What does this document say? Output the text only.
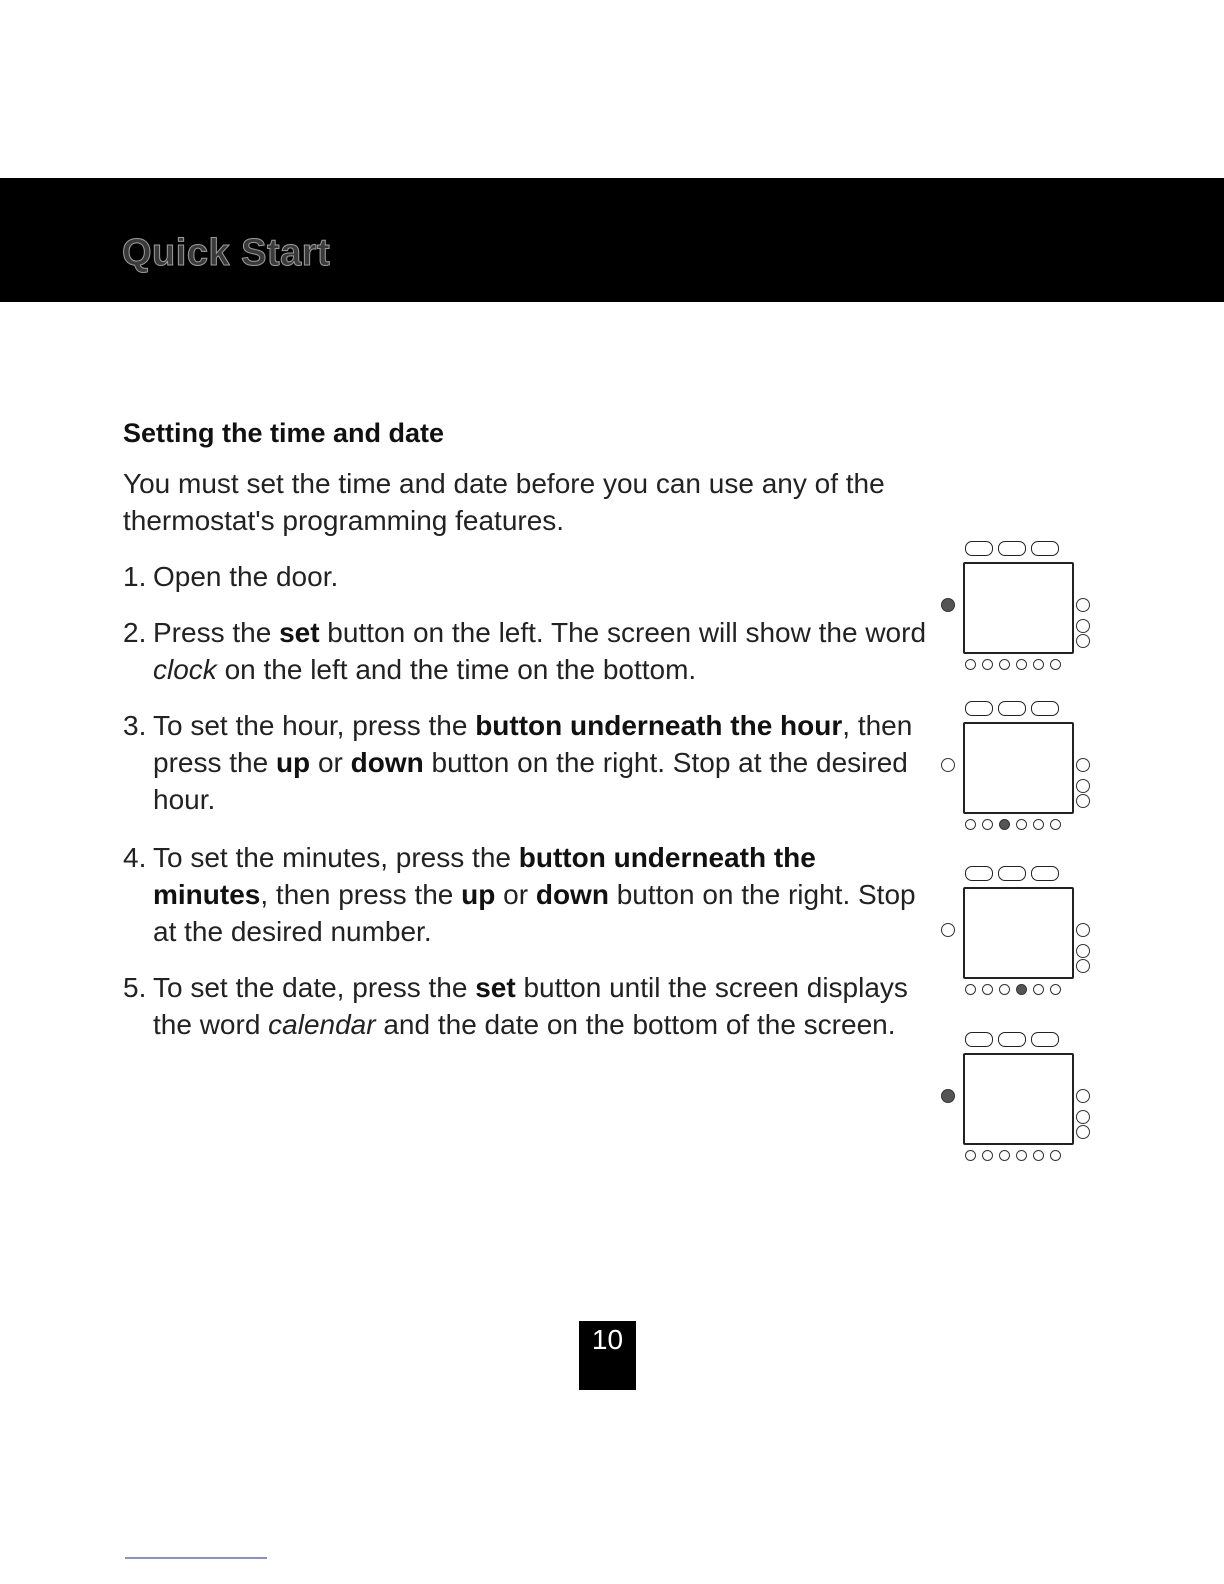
Quick Start
Setting the time and date
You must set the time and date before you can use any of the thermostat's programming features.
1. Open the door.
2. Press the set button on the left. The screen will show the word clock on the left and the time on the bottom.
3. To set the hour, press the button underneath the hour, then press the up or down button on the right. Stop at the desired hour.
4. To set the minutes, press the button underneath the minutes, then press the up or down button on the right. Stop at the desired number.
5. To set the date, press the set button until the screen displays the word calendar and the date on the bottom of the screen.
10
